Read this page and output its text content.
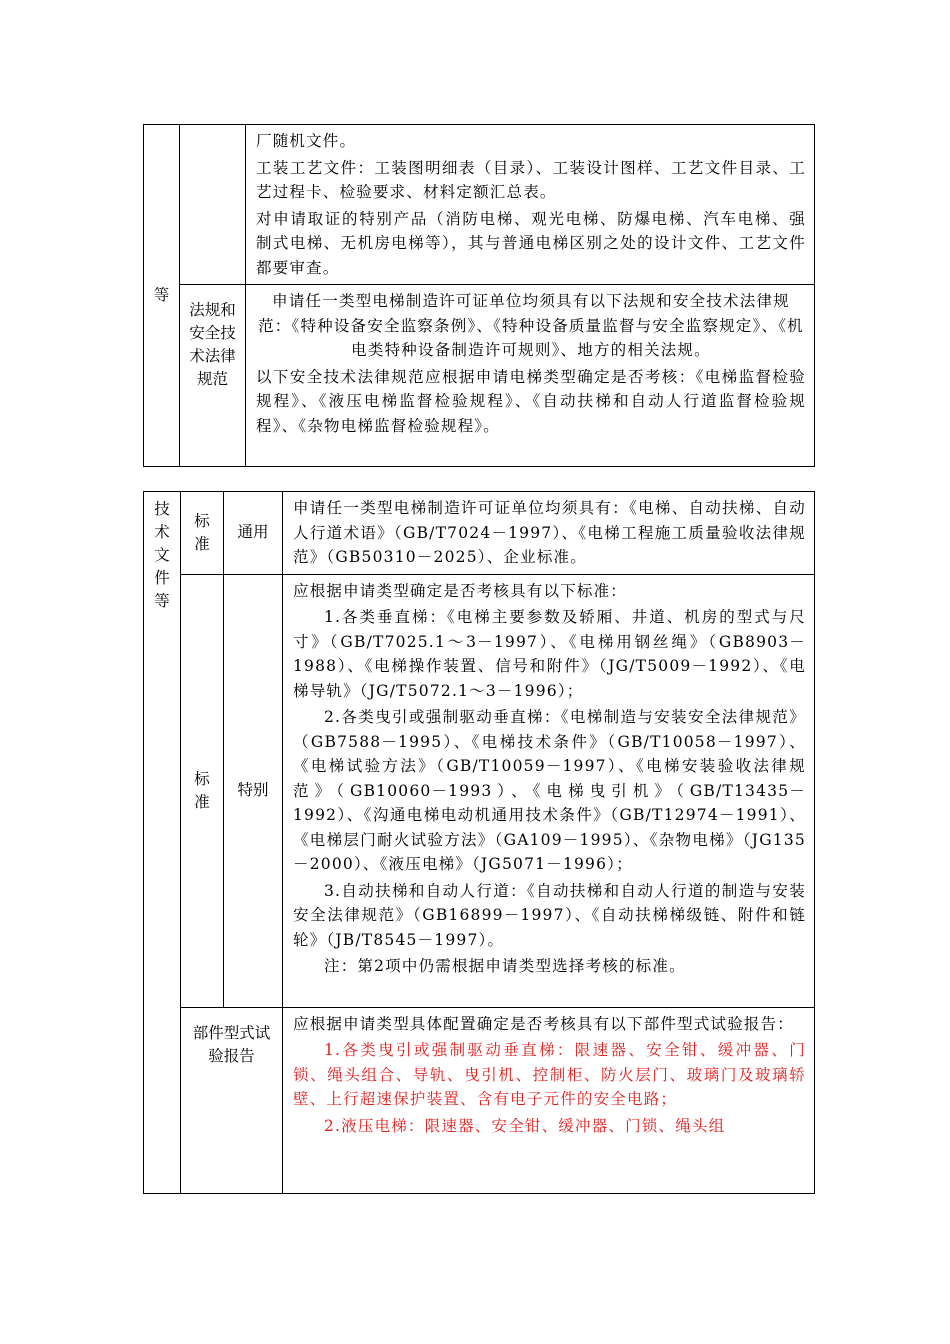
等		厂随机文件。

工装工艺文件：工装图明细表（目录）、工装设计图样、工艺文件目录、工艺过程卡、检验要求、材料定额汇总表。

对申请取证的特别产品（消防电梯、观光电梯、防爆电梯、汽车电梯、强制式电梯、无机房电梯等），其与普通电梯区别之处的设计文件、工艺文件都要审查。

	法规和安全技术法律规范	申请任一类型电梯制造许可证单位均须具有以下法规和安全技术法律规范：《特种设备安全监察条例》、《特种设备质量监督与安全监察规定》、《机电类特种设备制造许可规则》、地方的相关法规。

以下安全技术法律规范应根据申请电梯类型确定是否考核：《电梯监督检验规程》、《液压电梯监督检验规程》、《自动扶梯和自动人行道监督检验规程》、《杂物电梯监督检验规程》。

技术文件等	标准	通用	申请任一类型电梯制造许可证单位均须具有：《电梯、自动扶梯、自动人行道术语》（GB/T7024－1997）、《电梯工程施工质量验收法律规范》（GB50310－2025）、企业标准。

	标准	特别	应根据申请类型确定是否考核具有以下标准：

1.各类垂直梯：《电梯主要参数及轿厢、井道、机房的型式与尺寸》（GB/T7025.1～3－1997）、《电梯用钢丝绳》（GB8903－1988）、《电梯操作装置、信号和附件》（JG/T5009－1992）、《电梯导轨》（JG/T5072.1～3－1996）；

2.各类曳引或强制驱动垂直梯：《电梯制造与安装安全法律规范》（GB7588－1995）、《电梯技术条件》（GB/T10058－1997）、《电梯试验方法》（GB/T10059－1997）、《电梯安装验收法律规范》（GB10060－1993）、《电梯曳引机》（GB/T13435－1992）、《沟通电梯电动机通用技术条件》（GB/T12974－1991）、《电梯层门耐火试验方法》（GA109－1995）、《杂物电梯》（JG135－2000）、《液压电梯》（JG5071－1996）；

3.自动扶梯和自动人行道：《自动扶梯和自动人行道的制造与安装安全法律规范》（GB16899－1997）、《自动扶梯梯级链、附件和链轮》（JB/T8545－1997）。

注：第2项中仍需根据申请类型选择考核的标准。

	部件型式试验报告		应根据申请类型具体配置确定是否考核具有以下部件型式试验报告：

1.各类曳引或强制驱动垂直梯：限速器、安全钳、缓冲器、门锁、绳头组合、导轨、曳引机、控制柜、防火层门、玻璃门及玻璃轿壁、上行超速保护装置、含有电子元件的安全电路；

2.液压电梯：限速器、安全钳、缓冲器、门锁、绳头组
